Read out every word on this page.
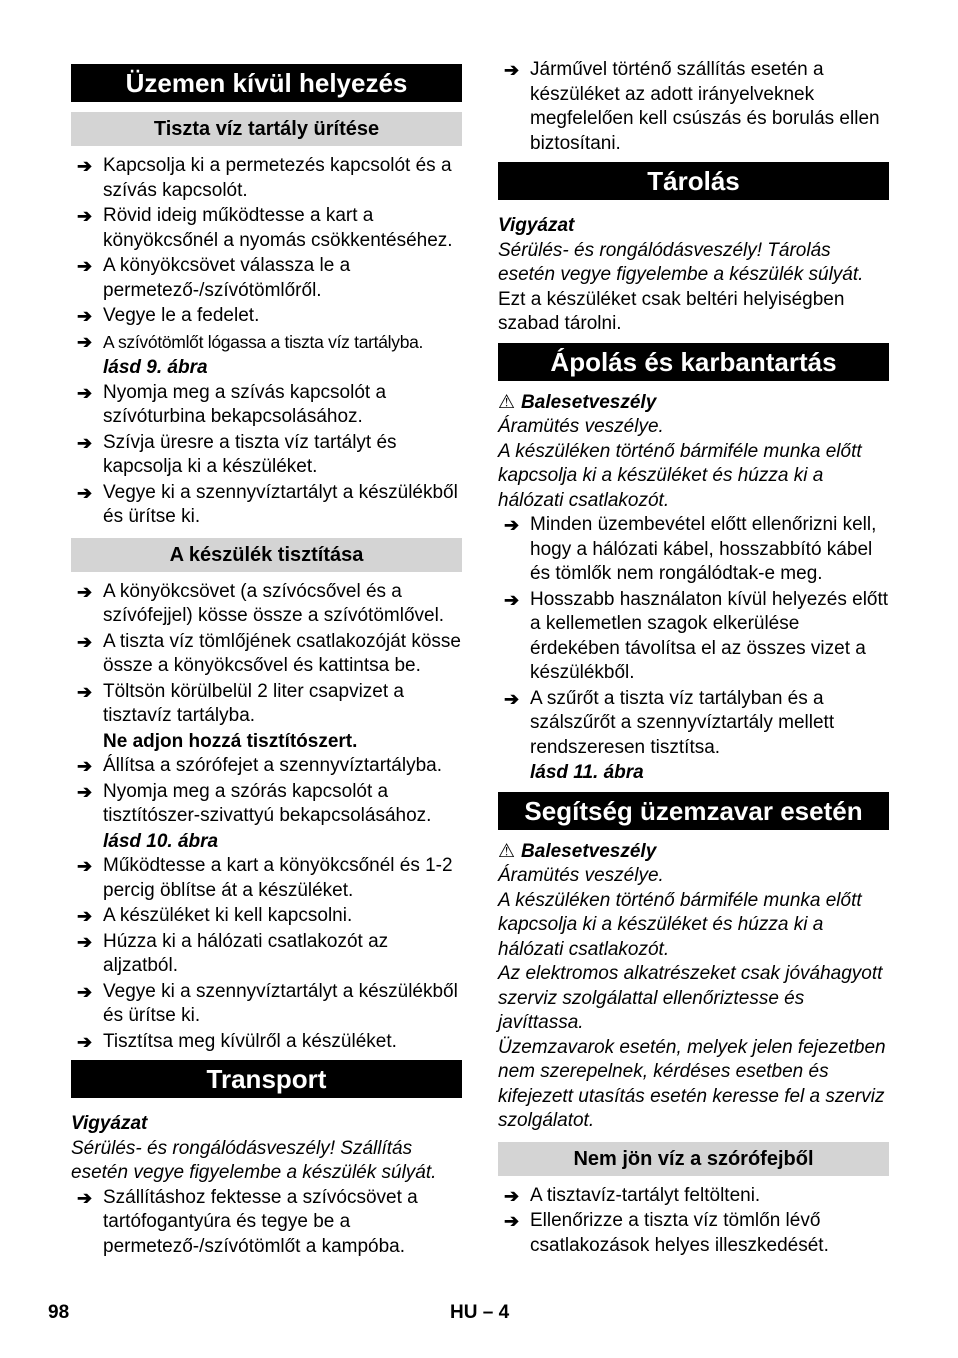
Üzemen kívül helyezés
Tiszta víz tartály ürítése
➔ Kapcsolja ki a permetezés kapcsolót és a szívás kapcsolót.
➔ Rövid ideig működtesse a kart a könyökcsőnél a nyomás csökkentéséhez.
➔ A könyökcsövet válassza le a permetező-/szívótömlőről.
➔ Vegye le a fedelet.
➔ A szívótömlőt lógassa a tiszta víz tartályba.
lásd 9. ábra
➔ Nyomja meg a szívás kapcsolót a szívóturbina bekapcsolásához.
➔ Szívja üresre a tiszta víz tartályt és kapcsolja ki a készüléket.
➔ Vegye ki a szennyvíztartályt a készülékből és ürítse ki.
A készülék tisztítása
➔ A könyökcsövet (a szívócsővel és a szívófejjel) kösse össze a szívótömlővel.
➔ A tiszta víz tömlőjének csatlakozóját kösse össze a könyökcsővel és kattintsa be.
➔ Töltsön körülbelül 2 liter csapvizet a tisztavíz tartályba.
Ne adjon hozzá tisztítószert.
➔ Állítsa a szórófejet a szennyvíztartályba.
➔ Nyomja meg a szórás kapcsolót a tisztítószer-szivattyú bekapcsolásához.
lásd 10. ábra
➔ Működtesse a kart a könyökcsőnél és 1-2 percig öblítse át a készüléket.
➔ A készüléket ki kell kapcsolni.
➔ Húzza ki a hálózati csatlakozót az aljzatból.
➔ Vegye ki a szennyvíztartályt a készülékből és ürítse ki.
➔ Tisztítsa meg kívülről a készüléket.
Transport
Vigyázat
Sérülés- és rongálódásveszély! Szállítás esetén vegye figyelembe a készülék súlyát.
➔ Szállításhoz fektesse a szívócsövet a tartófogantyúra és tegye be a permetező-/szívótömlőt a kampóba.
➔ Járművel történő szállítás esetén a készüléket az adott irányelveknek megfelelően kell csúszás és borulás ellen biztosítani.
Tárolás
Vigyázat
Sérülés- és rongálódásveszély! Tárolás esetén vegye figyelembe a készülék súlyát.
Ezt a készüléket csak beltéri helyiségben szabad tárolni.
Ápolás és karbantartás
⚠ Balesetveszély
Áramütés veszélye.
A készüléken történő bármiféle munka előtt kapcsolja ki a készüléket és húzza ki a hálózati csatlakozót.
➔ Minden üzembevétel előtt ellenőrizni kell, hogy a hálózati kábel, hosszabbító kábel és tömlők nem rongálódtak-e meg.
➔ Hosszabb használaton kívül helyezés előtt a kellemetlen szagok elkerülése érdekében távolítsa el az összes vizet a készülékből.
➔ A szűrőt a tiszta víz tartályban és a szálszűrőt a szennyvíztartály mellett rendszeresen tisztítsa.
lásd 11. ábra
Segítség üzemzavar esetén
⚠ Balesetveszély
Áramütés veszélye.
A készüléken történő bármiféle munka előtt kapcsolja ki a készüléket és húzza ki a hálózati csatlakozót.
Az elektromos alkatrészeket csak jóváhagyott szerviz szolgálattal ellenőriztesse és javíttassa.
Üzemzavarok esetén, melyek jelen fejezetben nem szerepelnek, kérdéses esetben és kifejezett utasítás esetén keresse fel a szerviz szolgálatot.
Nem jön víz a szórófejből
➔ A tisztavíz-tartályt feltölteni.
➔ Ellenőrizze a tiszta víz tömlőn lévő csatlakozások helyes illeszkedését.
98	HU – 4
